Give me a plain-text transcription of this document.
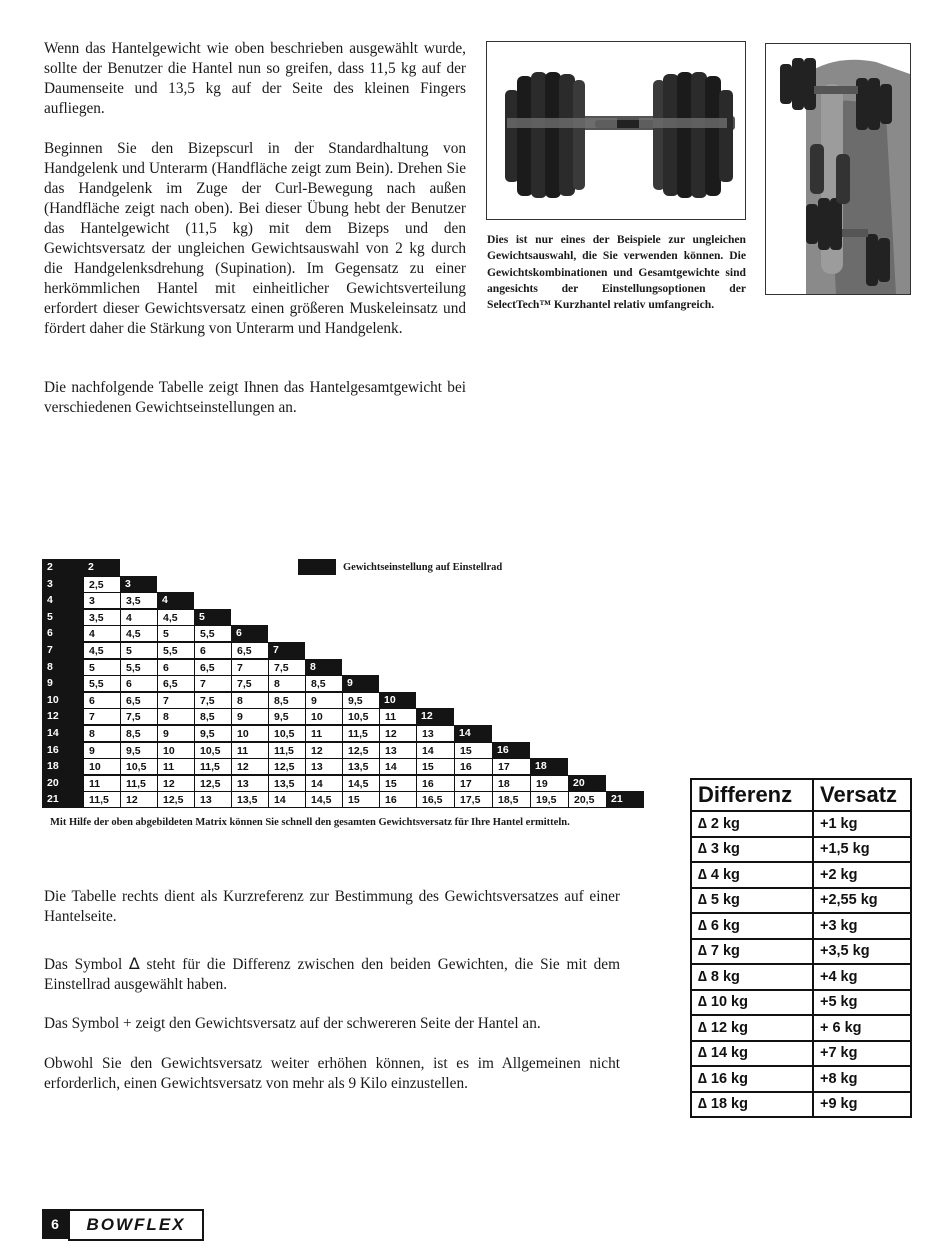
Wenn das Hantelgewicht wie oben beschrieben ausgewählt wurde, sollte der Benutzer die Hantel nun so greifen, dass 11,5 kg auf der Daumenseite und 13,5 kg auf der Seite des kleinen Fingers aufliegen.

Beginnen Sie den Bizepscurl in der Standardhaltung von Handgelenk und Unterarm (Handfläche zeigt zum Bein). Drehen Sie das Handgelenk im Zuge der Curl-Bewegung nach außen (Handfläche zeigt nach oben). Bei dieser Übung hebt der Benutzer das Hantelgewicht (11,5 kg) mit dem Bizeps und den Gewichtsversatz der ungleichen Gewichtsauswahl von 2 kg durch die Handgelenksdrehung (Supination). Im Gegensatz zu einer herkömmlichen Hantel mit einheitlicher Gewichtsverteilung erfordert dieser Gewichtsversatz einen größeren Muskeleinsatz und fördert daher die Stärkung von Unterarm und Handgelenk.

Die nachfolgende Tabelle zeigt Ihnen das Hantelgesamtgewicht bei verschiedenen Gewichtseinstellungen an.

Dies ist nur eines der Beispiele zur ungleichen Gewichtsauswahl, die Sie verwenden können. Die Gewichtskombinationen und Gesamtgewichte sind angesichts der Einstellungsoptionen der SelectTech™ Kurzhantel relativ umfangreich.

Gewichtseinstellung auf Einstellrad
2	2
3	2,5	3
4	3	3,5	4
5	3,5	4	4,5	5
6	4	4,5	5	5,5	6
7	4,5	5	5,5	6	6,5	7
8	5	5,5	6	6,5	7	7,5	8
9	5,5	6	6,5	7	7,5	8	8,5	9
10	6	6,5	7	7,5	8	8,5	9	9,5	10
12	7	7,5	8	8,5	9	9,5	10	10,5	11	12
14	8	8,5	9	9,5	10	10,5	11	11,5	12	13	14
16	9	9,5	10	10,5	11	11,5	12	12,5	13	14	15	16
18	10	10,5	11	11,5	12	12,5	13	13,5	14	15	16	17	18
20	11	11,5	12	12,5	13	13,5	14	14,5	15	16	17	18	19	20
21	11,5	12	12,5	13	13,5	14	14,5	15	16	16,5	17,5	18,5	19,5	20,5	21

Mit Hilfe der oben abgebildeten Matrix können Sie schnell den gesamten Gewichtsversatz für Ihre Hantel ermitteln.

Die Tabelle rechts dient als Kurzreferenz zur Bestimmung des Gewichtsversatzes auf einer Hantelseite.

Das Symbol ∆ steht für die Differenz zwischen den beiden Gewichten, die Sie mit dem Einstellrad ausgewählt haben.

Das Symbol + zeigt den Gewichtsversatz auf der schwereren Seite der Hantel an.

Obwohl Sie den Gewichtsversatz weiter erhöhen können, ist es im Allgemeinen nicht erforderlich, einen Gewichtsversatz von mehr als 9 Kilo einzustellen.

Differenz	Versatz
∆ 2 kg	+1 kg
∆ 3 kg	+1,5 kg
∆ 4 kg	+2 kg
∆ 5 kg	+2,55 kg
∆ 6 kg	+3 kg
∆ 7 kg	+3,5 kg
∆ 8 kg	+4 kg
∆ 10 kg	+5 kg
∆ 12 kg	+ 6 kg
∆ 14 kg	+7 kg
∆ 16 kg	+8 kg
∆ 18 kg	+9 kg
6	BOWFLEX
